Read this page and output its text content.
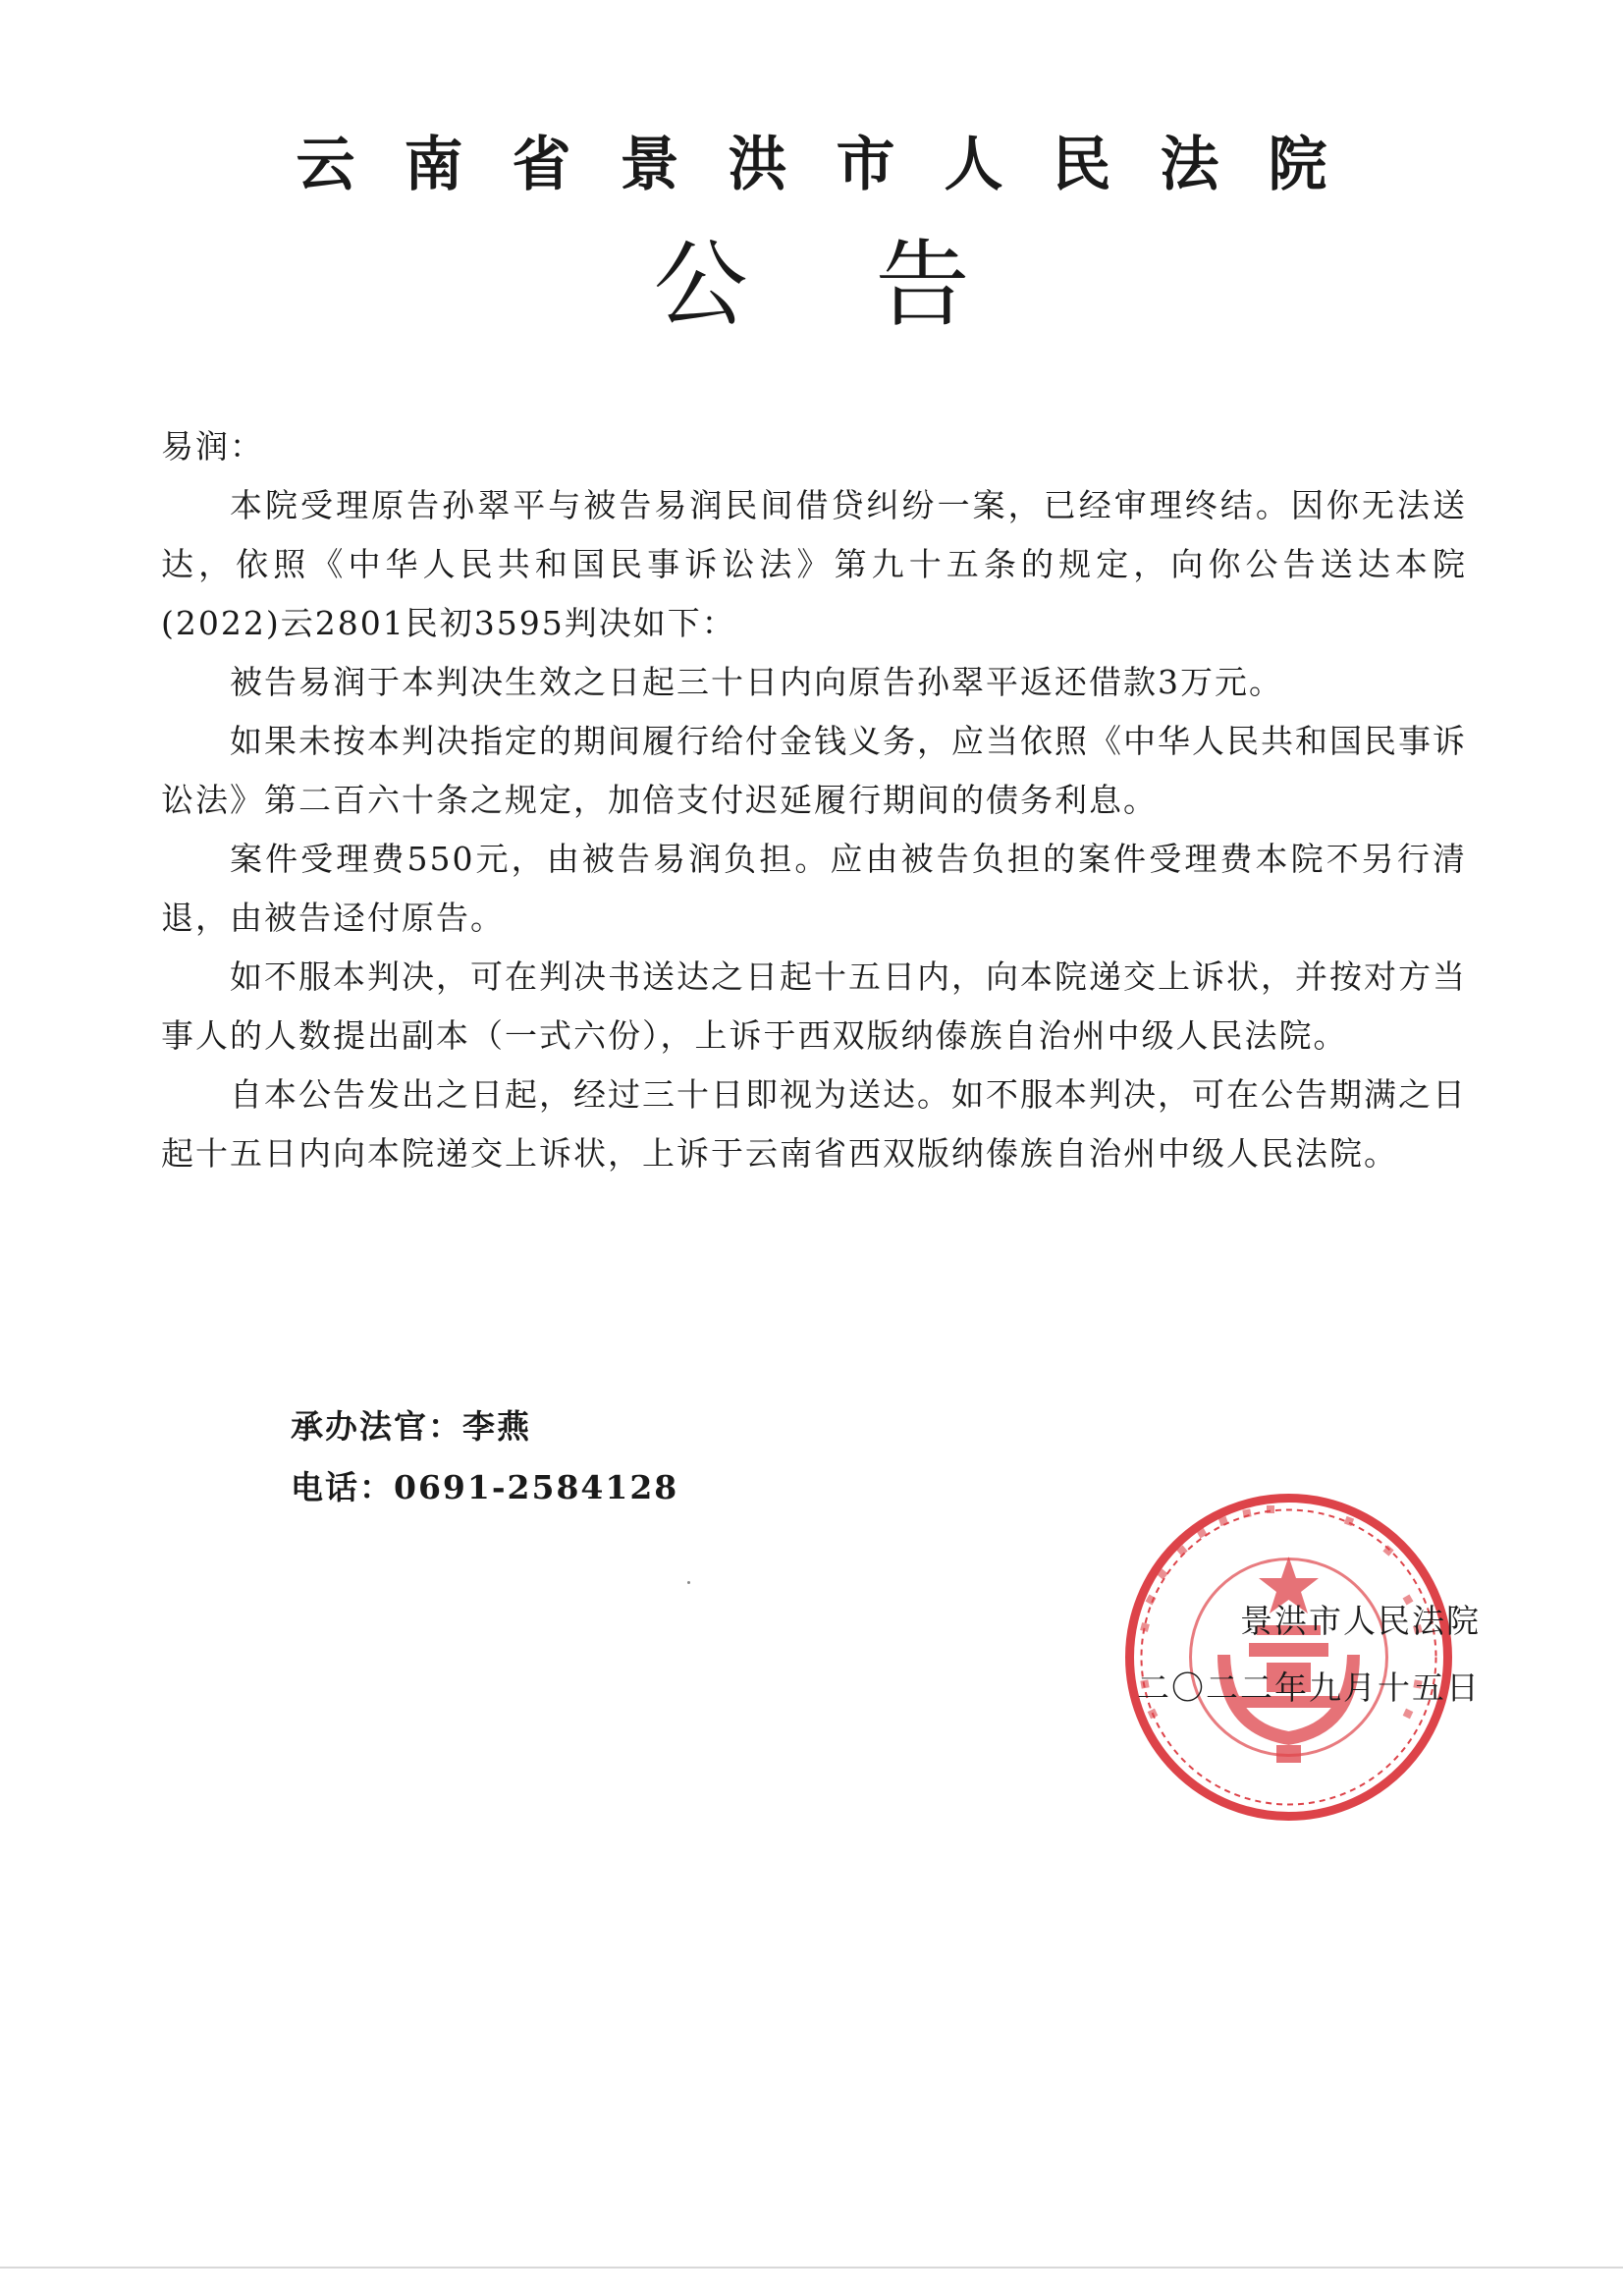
云南省景洪市人民法院
公告

易润：

本院受理原告孙翠平与被告易润民间借贷纠纷一案，已经审理终结。因你无法送达，依照《中华人民共和国民事诉讼法》第九十五条的规定，向你公告送达本院(2022)云2801民初3595判决如下：

被告易润于本判决生效之日起三十日内向原告孙翠平返还借款3万元。

如果未按本判决指定的期间履行给付金钱义务，应当依照《中华人民共和国民事诉讼法》第二百六十条之规定，加倍支付迟延履行期间的债务利息。

案件受理费550元，由被告易润负担。应由被告负担的案件受理费本院不另行清退，由被告迳付原告。

如不服本判决，可在判决书送达之日起十五日内，向本院递交上诉状，并按对方当事人的人数提出副本（一式六份），上诉于西双版纳傣族自治州中级人民法院。

自本公告发出之日起，经过三十日即视为送达。如不服本判决，可在公告期满之日起十五日内向本院递交上诉状，上诉于云南省西双版纳傣族自治州中级人民法院。

承办法官：李燕
电话：0691-2584128
景洪市人民法院
二〇二二年九月十五日
